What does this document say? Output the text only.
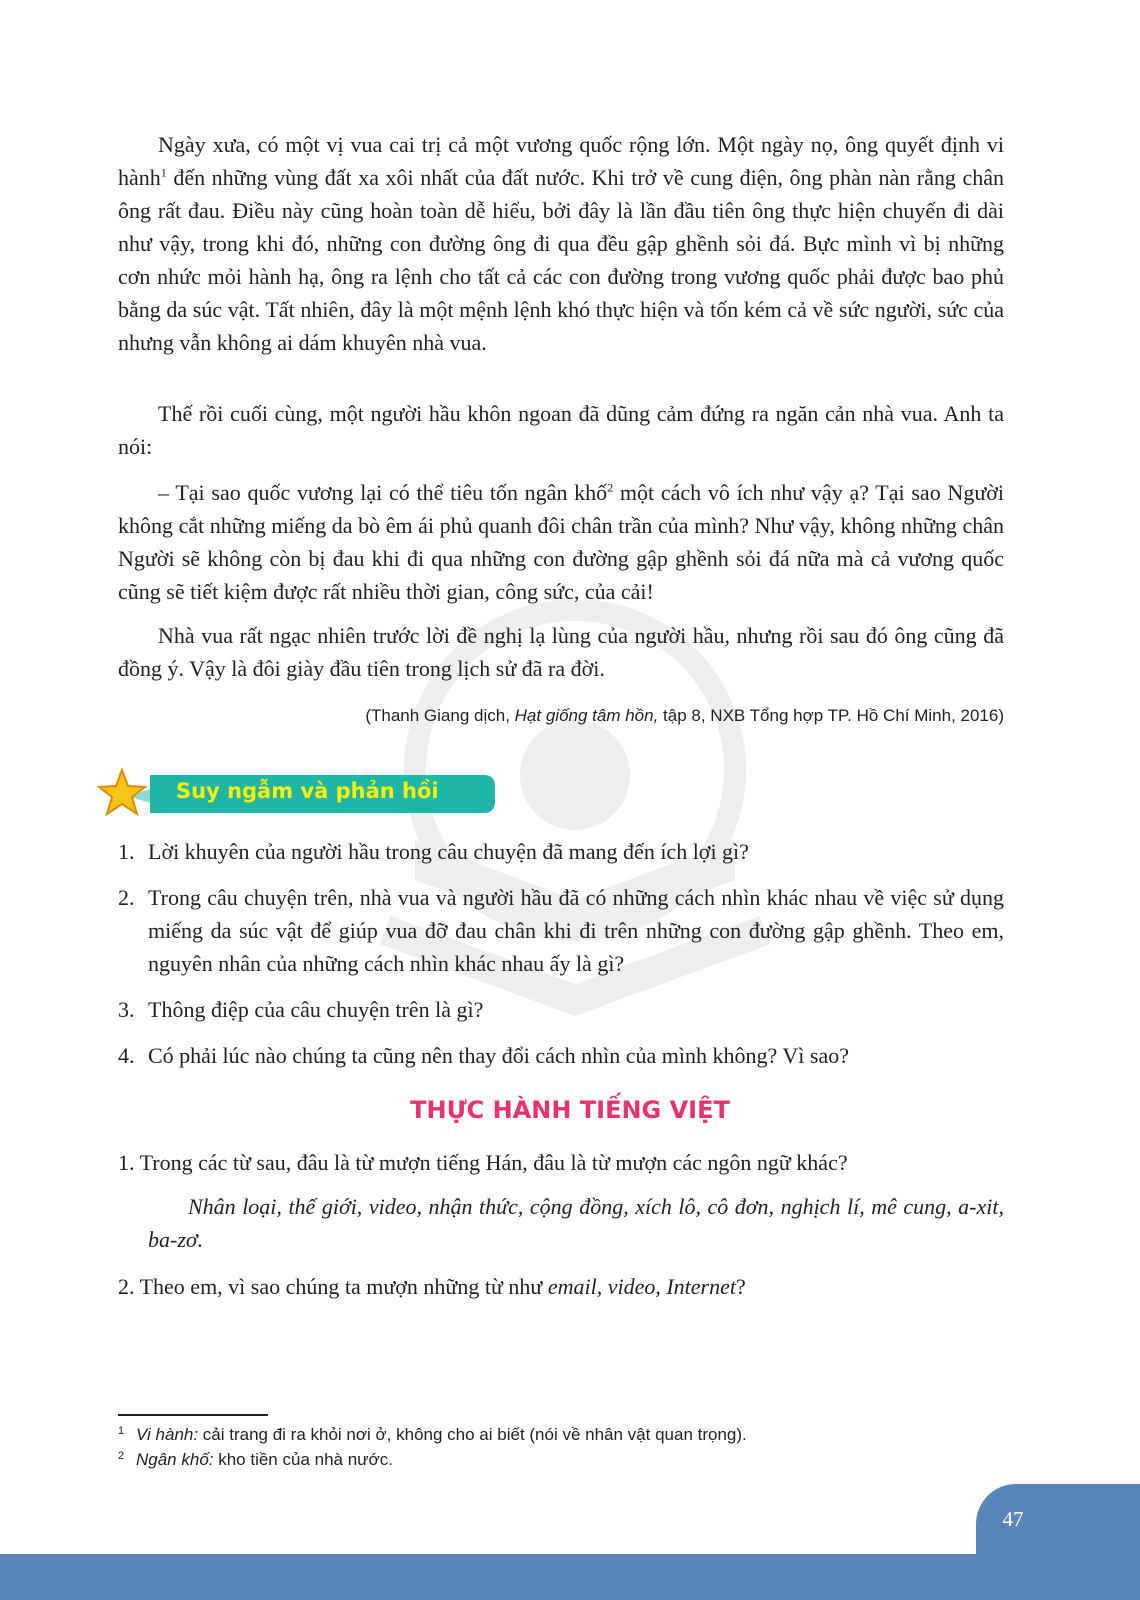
Ngày xưa, có một vị vua cai trị cả một vương quốc rộng lớn. Một ngày nọ, ông quyết định vi hành$^1$ đến những vùng đất xa xôi nhất của đất nước. Khi trở về cung điện, ông phàn nàn rằng chân ông rất đau. Điều này cũng hoàn toàn dễ hiểu, bởi đây là lần đầu tiên ông thực hiện chuyến đi dài như vậy, trong khi đó, những con đường ông đi qua đều gập ghềnh sỏi đá. Bực mình vì bị những cơn nhức mỏi hành hạ, ông ra lệnh cho tất cả các con đường trong vương quốc phải được bao phủ bằng da súc vật. Tất nhiên, đây là một mệnh lệnh khó thực hiện và tốn kém cả về sức người, sức của nhưng vẫn không ai dám khuyên nhà vua.

Thế rồi cuối cùng, một người hầu khôn ngoan đã dũng cảm đứng ra ngăn cản nhà vua. Anh ta nói:

– Tại sao quốc vương lại có thể tiêu tốn ngân khố$^2$ một cách vô ích như vậy ạ? Tại sao Người không cắt những miếng da bò êm ái phủ quanh đôi chân trần của mình? Như vậy, không những chân Người sẽ không còn bị đau khi đi qua những con đường gập ghềnh sỏi đá nữa mà cả vương quốc cũng sẽ tiết kiệm được rất nhiều thời gian, công sức, của cải!

Nhà vua rất ngạc nhiên trước lời đề nghị lạ lùng của người hầu, nhưng rồi sau đó ông cũng đã đồng ý. Vậy là đôi giày đầu tiên trong lịch sử đã ra đời.

(Thanh Giang dịch, Hạt giống tâm hồn, tập 8, NXB Tổng hợp TP. Hồ Chí Minh, 2016)

Suy ngẫm và phản hồi

1. Lời khuyên của người hầu trong câu chuyện đã mang đến ích lợi gì?

2. Trong câu chuyện trên, nhà vua và người hầu đã có những cách nhìn khác nhau về việc sử dụng miếng da súc vật để giúp vua đỡ đau chân khi đi trên những con đường gập ghềnh. Theo em, nguyên nhân của những cách nhìn khác nhau ấy là gì?

3. Thông điệp của câu chuyện trên là gì?

4. Có phải lúc nào chúng ta cũng nên thay đổi cách nhìn của mình không? Vì sao?

THỰC HÀNH TIẾNG VIỆT

1. Trong các từ sau, đâu là từ mượn tiếng Hán, đâu là từ mượn các ngôn ngữ khác?

Nhân loại, thế giới, video, nhận thức, cộng đồng, xích lô, cô đơn, nghịch lí, mê cung, a-xit, ba-zơ.

2. Theo em, vì sao chúng ta mượn những từ như email, video, Internet?

1 Vi hành: cải trang đi ra khỏi nơi ở, không cho ai biết (nói về nhân vật quan trọng).

2 Ngân khố: kho tiền của nhà nước.

47
